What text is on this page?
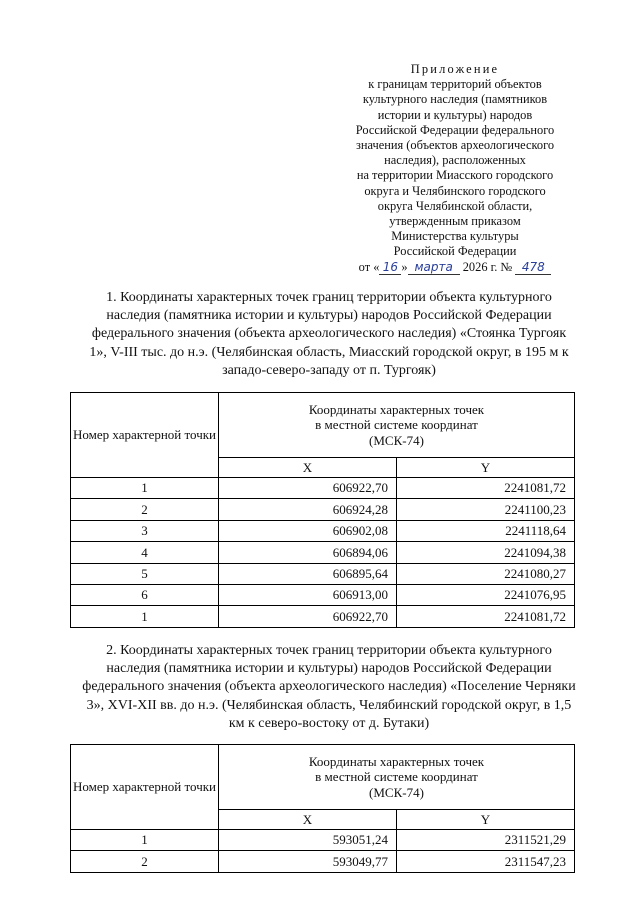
Приложение
к границам территорий объектов
культурного наследия (памятников
истории и культуры) народов
Российской Федерации федерального
значения (объектов археологического
наследия), расположенных
на территории Миасского городского
округа и Челябинского городского
округа Челябинской области,
утвержденным приказом
Министерства культуры
Российской Федерации
от « 16 » марта 2026 г. № 478
1. Координаты характерных точек границ территории объекта культурного наследия (памятника истории и культуры) народов Российской Федерации федерального значения (объекта археологического наследия) «Стоянка Тургояк 1», V-III тыс. до н.э. (Челябинская область, Миасский городской округ, в 195 м к западо-северо-западу от п. Тургояк)
Номер характерной точки	Координаты характерных точек
в местной системе координат
(МСК-74)	

	X	Y
1	606922,70	2241081,72
2	606924,28	2241100,23
3	606902,08	2241118,64
4	606894,06	2241094,38
5	606895,64	2241080,27
6	606913,00	2241076,95
1	606922,70	2241081,72
2. Координаты характерных точек границ территории объекта культурного наследия (памятника истории и культуры) народов Российской Федерации федерального значения (объекта археологического наследия) «Поселение Черняки 3», XVI-XII вв. до н.э. (Челябинская область, Челябинский городской округ, в 1,5 км к северо-востоку от д. Бутаки)
Номер характерной точки	Координаты характерных точек
в местной системе координат
(МСК-74)	

	X	Y
1	593051,24	2311521,29
2	593049,77	2311547,23
